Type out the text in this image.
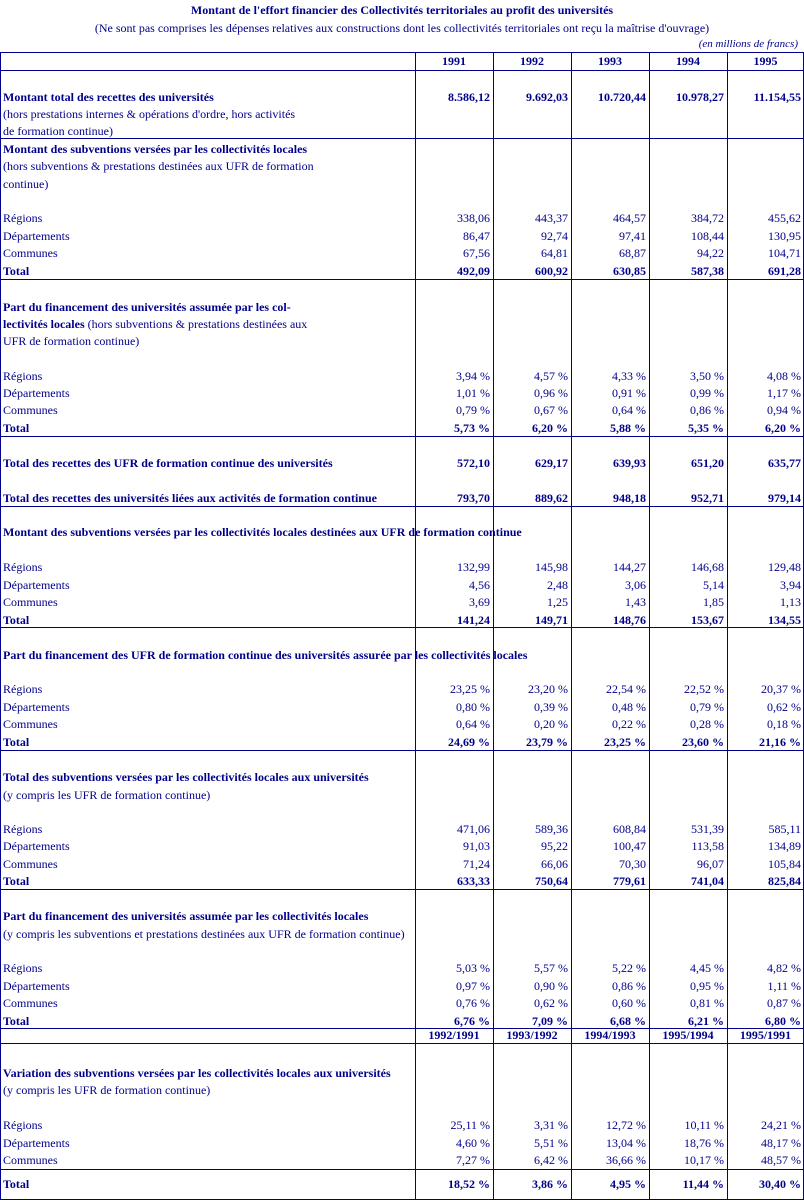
Montant de l'effort financier des Collectivités territoriales au profit des universités
(Ne sont pas comprises les dépenses relatives aux constructions dont les collectivités territoriales ont reçu la maîtrise d'ouvrage)
(en millions de francs)
1991	1992	1993	1994	1995
Montant total des recettes des universités
(hors prestations internes & opérations d'ordre, hors activités
de formation continue)
8.586,12	9.692,03	10.720,44	10.978,27	11.154,55
Montant des subventions versées par les collectivités locales
(hors subventions & prestations destinées aux UFR de formation
continue)
Régions	338,06	443,37	464,57	384,72	455,62
Départements	86,47	92,74	97,41	108,44	130,95
Communes	67,56	64,81	68,87	94,22	104,71
Total	492,09	600,92	630,85	587,38	691,28
Part du financement des universités assumée par les col-
lectivités locales (hors subventions & prestations destinées aux
UFR de formation continue)
Régions	3,94 %	4,57 %	4,33 %	3,50 %	4,08 %
Départements	1,01 %	0,96 %	0,91 %	0,99 %	1,17 %
Communes	0,79 %	0,67 %	0,64 %	0,86 %	0,94 %
Total	5,73 %	6,20 %	5,88 %	5,35 %	6,20 %
Total des recettes des UFR de formation continue des universités	572,10	629,17	639,93	651,20	635,77
Total des recettes des universités liées aux activités de formation continue	793,70	889,62	948,18	952,71	979,14
Montant des subventions versées par les collectivités locales destinées aux UFR de formation continue
Régions	132,99	145,98	144,27	146,68	129,48
Départements	4,56	2,48	3,06	5,14	3,94
Communes	3,69	1,25	1,43	1,85	1,13
Total	141,24	149,71	148,76	153,67	134,55
Part du financement des UFR de formation continue des universités assurée par les collectivités locales
Régions	23,25 %	23,20 %	22,54 %	22,52 %	20,37 %
Départements	0,80 %	0,39 %	0,48 %	0,79 %	0,62 %
Communes	0,64 %	0,20 %	0,22 %	0,28 %	0,18 %
Total	24,69 %	23,79 %	23,25 %	23,60 %	21,16 %
Total des subventions versées par les collectivités locales aux universités
(y compris les UFR de formation continue)
Régions	471,06	589,36	608,84	531,39	585,11
Départements	91,03	95,22	100,47	113,58	134,89
Communes	71,24	66,06	70,30	96,07	105,84
Total	633,33	750,64	779,61	741,04	825,84
Part du financement des universités assumée par les collectivités locales
(y compris les subventions et prestations destinées aux UFR de formation continue)
Régions	5,03 %	5,57 %	5,22 %	4,45 %	4,82 %
Départements	0,97 %	0,90 %	0,86 %	0,95 %	1,11 %
Communes	0,76 %	0,62 %	0,60 %	0,81 %	0,87 %
Total	6,76 %	7,09 %	6,68 %	6,21 %	6,80 %
1992/1991	1993/1992	1994/1993	1995/1994	1995/1991
Variation des subventions versées par les collectivités locales aux universités
(y compris les UFR de formation continue)
Régions	25,11 %	3,31 %	12,72 %	10,11 %	24,21 %
Départements	4,60 %	5,51 %	13,04 %	18,76 %	48,17 %
Communes	7,27 %	6,42 %	36,66 %	10,17 %	48,57 %
Total	18,52 %	3,86 %	4,95 %	11,44 %	30,40 %
